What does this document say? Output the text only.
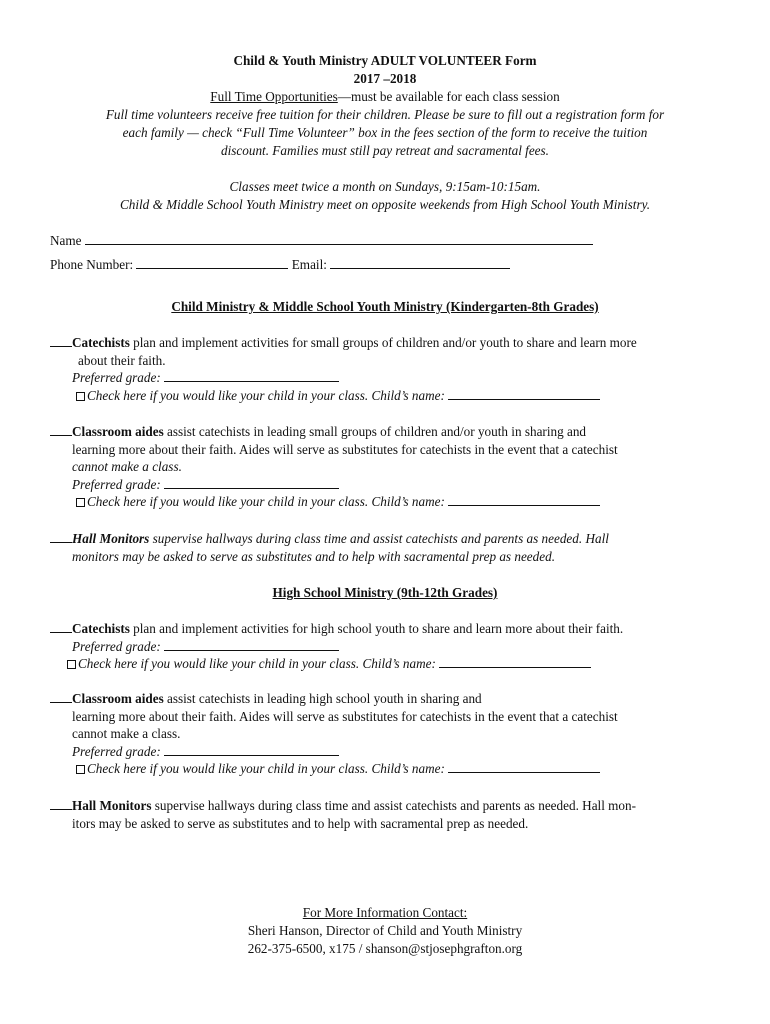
Child & Youth Ministry ADULT VOLUNTEER Form
2017 –2018
Full Time Opportunities—must be available for each class session
Full time volunteers receive free tuition for their children. Please be sure to fill out a registration form for
each family — check “Full Time Volunteer” box in the fees section of the form to receive the tuition
discount. Families must still pay retreat and sacramental fees.
Classes meet twice a month on Sundays, 9:15am-10:15am.
Child & Middle School Youth Ministry meet on opposite weekends from High School Youth Ministry.
Name
Phone Number:	Email:
Child Ministry & Middle School Youth Ministry (Kindergarten-8th Grades)
Catechists plan and implement activities for small groups of children and/or youth to share and learn more
about their faith.
Preferred grade:
Check here if you would like your child in your class. Child’s name:
Classroom aides assist catechists in leading small groups of children and/or youth in sharing and
learning more about their faith. Aides will serve as substitutes for catechists in the event that a catechist
cannot make a class.
Preferred grade:
Check here if you would like your child in your class. Child’s name:
Hall Monitors supervise hallways during class time and assist catechists and parents as needed. Hall
monitors may be asked to serve as substitutes and to help with sacramental prep as needed.
High School Ministry (9th-12th Grades)
Catechists plan and implement activities for high school youth to share and learn more about their faith.
Preferred grade:
Check here if you would like your child in your class. Child’s name:
Classroom aides assist catechists in leading high school youth in sharing and
learning more about their faith. Aides will serve as substitutes for catechists in the event that a catechist
cannot make a class.
Preferred grade:
Check here if you would like your child in your class. Child’s name:
Hall Monitors supervise hallways during class time and assist catechists and parents as needed. Hall mon-
itors may be asked to serve as substitutes and to help with sacramental prep as needed.
For More Information Contact:
Sheri Hanson, Director of Child and Youth Ministry
262-375-6500, x175 / shanson@stjosephgrafton.org
